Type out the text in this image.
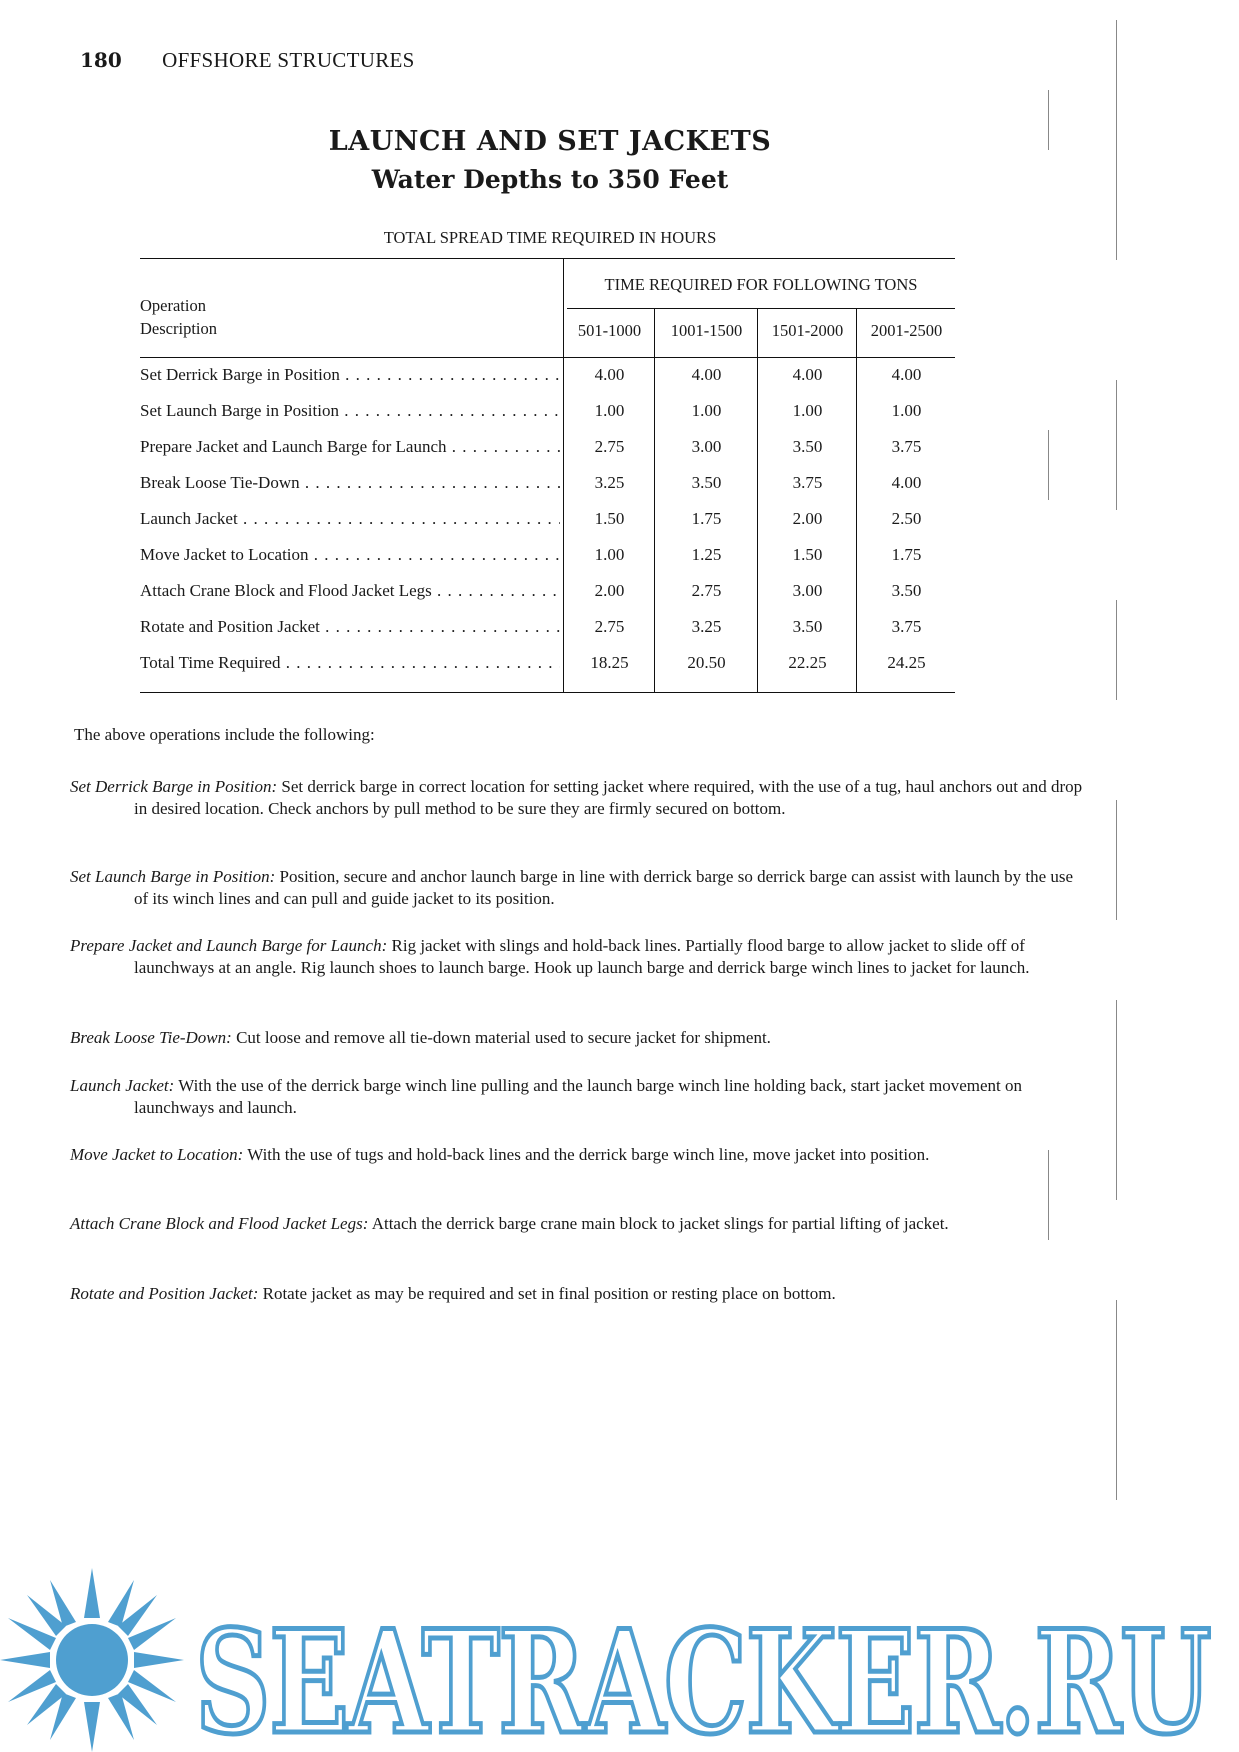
180 OFFSHORE STRUCTURES
LAUNCH AND SET JACKETS
Water Depths to 350 Feet
TOTAL SPREAD TIME REQUIRED IN HOURS
Operation
Description
TIME REQUIRED FOR FOLLOWING TONS
501-1000	1001-1500	1501-2000	2001-2500
Set Derrick Barge in Position . . .	4.00	4.00	4.00	4.00
Set Launch Barge in Position . . .	1.00	1.00	1.00	1.00
Prepare Jacket and Launch Barge for Launch . . .	2.75	3.00	3.50	3.75
Break Loose Tie-Down . . .	3.25	3.50	3.75	4.00
Launch Jacket . . .	1.50	1.75	2.00	2.50
Move Jacket to Location . . .	1.00	1.25	1.50	1.75
Attach Crane Block and Flood Jacket Legs . . .	2.00	2.75	3.00	3.50
Rotate and Position Jacket . . .	2.75	3.25	3.50	3.75
Total Time Required . . .	18.25	20.50	22.25	24.25
The above operations include the following:
Set Derrick Barge in Position: Set derrick barge in correct location for setting jacket where required, with the use of a tug, haul anchors out and drop in desired location. Check anchors by pull method to be sure they are firmly secured on bottom.
Set Launch Barge in Position: Position, secure and anchor launch barge in line with derrick barge so derrick barge can assist with launch by the use of its winch lines and can pull and guide jacket to its position.
Prepare Jacket and Launch Barge for Launch: Rig jacket with slings and hold-back lines. Partially flood barge to allow jacket to slide off of launchways at an angle. Rig launch shoes to launch barge. Hook up launch barge and derrick barge winch lines to jacket for launch.
Break Loose Tie-Down: Cut loose and remove all tie-down material used to secure jacket for shipment.
Launch Jacket: With the use of the derrick barge winch line pulling and the launch barge winch line holding back, start jacket movement on launchways and launch.
Move Jacket to Location: With the use of tugs and hold-back lines and the derrick barge winch line, move jacket into position.
Attach Crane Block and Flood Jacket Legs: Attach the derrick barge crane main block to jacket slings for partial lifting of jacket.
Rotate and Position Jacket: Rotate jacket as may be required and set in final position or resting place on bottom.
SEATRACKER.RU
